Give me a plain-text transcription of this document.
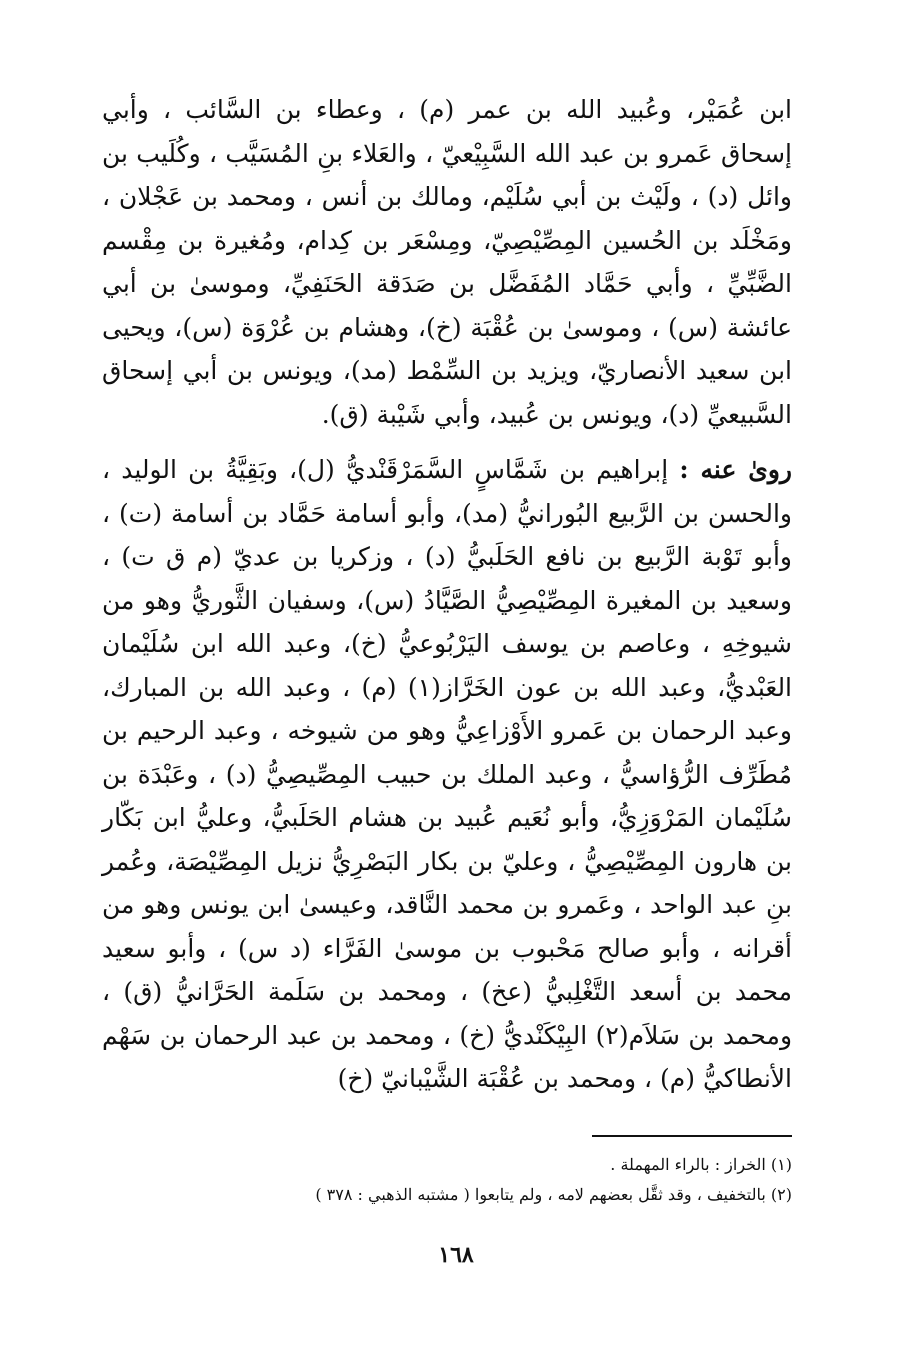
ابن عُمَيْر، وعُبيد الله بن عمر (م) ، وعطاء بن السَّائب ، وأبي إسحاق عَمرو بن عبد الله السَّبِيْعيّ ، والعَلاء بنِ المُسَيَّب ، وكُلَيب بن وائل (د) ، ولَيْث بن أبي سُلَيْم، ومالك بن أنس ، ومحمد بن عَجْلان ، ومَخْلَد بن الحُسين المِصِّيْصِيّ، ومِسْعَر بن كِدام، ومُغيرة بن مِقْسم الضَّبِّيِّ ، وأبي حَمَّاد المُفَضَّل بن صَدَقة الحَنَفِيِّ، وموسىٰ بن أبي عائشة (س) ، وموسىٰ بن عُقْبَة (خ)، وهشام بن عُرْوَة (س)، ويحيى ابن سعيد الأنصاريّ، ويزيد بن السِّمْط (مد)، ويونس بن أبي إسحاق السَّبيعيِّ (د)، ويونس بن عُبيد، وأبي شَيْبة (ق).

روىٰ عنه : إبراهيم بن شَمَّاسٍ السَّمَرْقَنْديُّ (ل)، وبَقِيَّةُ بن الوليد ، والحسن بن الرَّبيع البُورانيُّ (مد)، وأبو أسامة حَمَّاد بن أسامة (ت) ، وأبو تَوْبة الرَّبيع بن نافع الحَلَبيُّ (د) ، وزكريا بن عديّ (م ق ت) ، وسعيد بن المغيرة المِصِّيْصِيُّ الصَّيَّادُ (س)، وسفيان الثَّوريُّ وهو من شيوخِهِ ، وعاصم بن يوسف اليَرْبُوعيُّ (خ)، وعبد الله ابن سُلَيْمان العَبْديُّ، وعبد الله بن عون الخَرَّاز(١) (م) ، وعبد الله بن المبارك، وعبد الرحمان بن عَمرو الأَوْزاعِيُّ وهو من شيوخه ، وعبد الرحيم بن مُطَرِّف الرُّؤاسيُّ ، وعبد الملك بن حبيب المِصِّيصِيُّ (د) ، وعَبْدَة بن سُلَيْمان المَرْوَزِيُّ، وأبو نُعَيم عُبيد بن هشام الحَلَبيُّ، وعليُّ ابن بَكّار بن هارون المِصِّيْصِيُّ ، وعليّ بن بكار البَصْرِيُّ نزيل المِصِّيْصَة، وعُمر بنِ عبد الواحد ، وعَمرو بن محمد النَّاقد، وعيسىٰ ابن يونس وهو من أقرانه ، وأبو صالح مَحْبوب بن موسىٰ الفَرَّاء (د س) ، وأبو سعيد محمد بن أسعد التَّغْلِبيُّ (عخ) ، ومحمد بن سَلَمة الحَرَّانيُّ (ق) ، ومحمد بن سَلاَم(٢) البِيْكَنْديُّ (خ) ، ومحمد بن عبد الرحمان بن سَهْم الأنطاكيُّ (م) ، ومحمد بن عُقْبَة الشَّيْبانيّ (خ)

(١) الخراز : بالراء المهملة .

(٢) بالتخفيف ، وقد ثقَّل بعضهم لامه ، ولم يتابعوا ( مشتبه الذهبي : ٣٧٨ )

١٦٨
